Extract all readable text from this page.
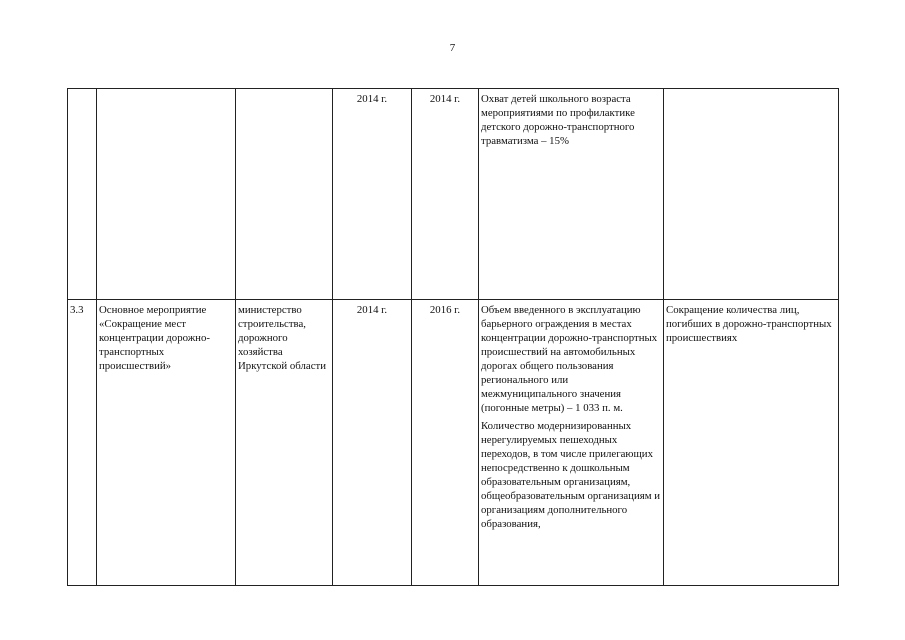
7
			2014 г.	2014 г.	Охват детей школьного возраста мероприятиями по профилактике детского дорожно-транспортного травматизма – 15%	

3.3	Основное мероприятие «Сокращение мест концентрации дорожно-транспортных происшествий»	министерство строительства, дорожного хозяйства Иркутской области	2014 г.	2016 г.	Объем введенного в эксплуатацию барьерного ограждения в местах концентрации дорожно-транспортных происшествий на автомобильных дорогах общего пользования регионального или межмуниципального значения (погонные метры) – 1 033 п. м.
Количество модернизированных нерегулируемых пешеходных переходов, в том числе прилегающих непосредственно к дошкольным образовательным организациям, общеобразовательным организациям и организациям дополнительного образования,	Сокращение количества лиц, погибших в дорожно-транспортных происшествиях
